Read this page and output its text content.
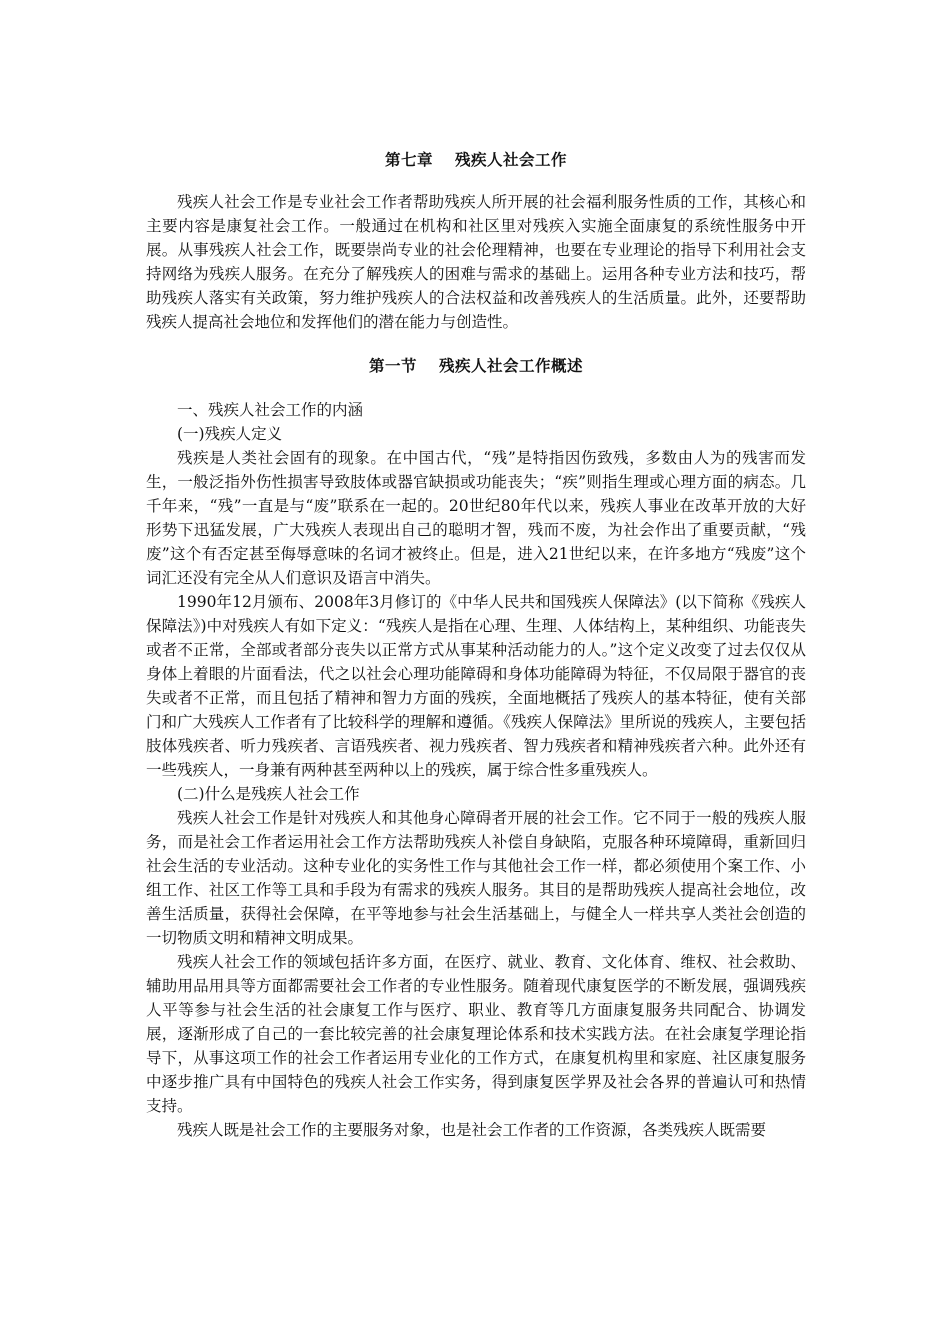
第七章 残疾人社会工作

残疾人社会工作是专业社会工作者帮助残疾人所开展的社会福利服务性质的工作，其核心和主要内容是康复社会工作。一般通过在机构和社区里对残疾入实施全面康复的系统性服务中开展。从事残疾人社会工作，既要崇尚专业的社会伦理精神，也要在专业理论的指导下利用社会支持网络为残疾人服务。在充分了解残疾人的困难与需求的基础上。运用各种专业方法和技巧，帮助残疾人落实有关政策，努力维护残疾人的合法权益和改善残疾人的生活质量。此外，还要帮助残疾人提高社会地位和发挥他们的潜在能力与创造性。

第一节 残疾人社会工作概述
一、残疾人社会工作的内涵
(一)残疾人定义

残疾是人类社会固有的现象。在中国古代，“残”是特指因伤致残，多数由人为的残害而发生，一般泛指外伤性损害导致肢体或器官缺损或功能丧失；“疾”则指生理或心理方面的病态。几千年来，“残”一直是与“废”联系在一起的。20世纪80年代以来，残疾人事业在改革开放的大好形势下迅猛发展，广大残疾人表现出自己的聪明才智，残而不废，为社会作出了重要贡献，“残废”这个有否定甚至侮辱意味的名词才被终止。但是，进入21世纪以来，在许多地方“残废”这个词汇还没有完全从人们意识及语言中消失。

1990年12月颁布、2008年3月修订的《中华人民共和国残疾人保障法》(以下简称《残疾人保障法》)中对残疾人有如下定义：“残疾人是指在心理、生理、人体结构上，某种组织、功能丧失或者不正常，全部或者部分丧失以正常方式从事某种活动能力的人。”这个定义改变了过去仅仅从身体上着眼的片面看法，代之以社会心理功能障碍和身体功能障碍为特征，不仅局限于器官的丧失或者不正常，而且包括了精神和智力方面的残疾，全面地概括了残疾人的基本特征，使有关部门和广大残疾人工作者有了比较科学的理解和遵循。《残疾人保障法》里所说的残疾人，主要包括肢体残疾者、听力残疾者、言语残疾者、视力残疾者、智力残疾者和精神残疾者六种。此外还有一些残疾人，一身兼有两种甚至两种以上的残疾，属于综合性多重残疾人。

(二)什么是残疾人社会工作

残疾人社会工作是针对残疾人和其他身心障碍者开展的社会工作。它不同于一般的残疾人服务，而是社会工作者运用社会工作方法帮助残疾人补偿自身缺陷，克服各种环境障碍，重新回归社会生活的专业活动。这种专业化的实务性工作与其他社会工作一样，都必须使用个案工作、小组工作、社区工作等工具和手段为有需求的残疾人服务。其目的是帮助残疾人提高社会地位，改善生活质量，获得社会保障，在平等地参与社会生活基础上，与健全人一样共享人类社会创造的一切物质文明和精神文明成果。

残疾人社会工作的领域包括许多方面，在医疗、就业、教育、文化体育、维权、社会救助、辅助用品用具等方面都需要社会工作者的专业性服务。随着现代康复医学的不断发展，强调残疾人平等参与社会生活的社会康复工作与医疗、职业、教育等几方面康复服务共同配合、协调发展，逐渐形成了自己的一套比较完善的社会康复理论体系和技术实践方法。在社会康复学理论指导下，从事这项工作的社会工作者运用专业化的工作方式，在康复机构里和家庭、社区康复服务中逐步推广具有中国特色的残疾人社会工作实务，得到康复医学界及社会各界的普遍认可和热情支持。

残疾人既是社会工作的主要服务对象，也是社会工作者的工作资源，各类残疾人既需要
